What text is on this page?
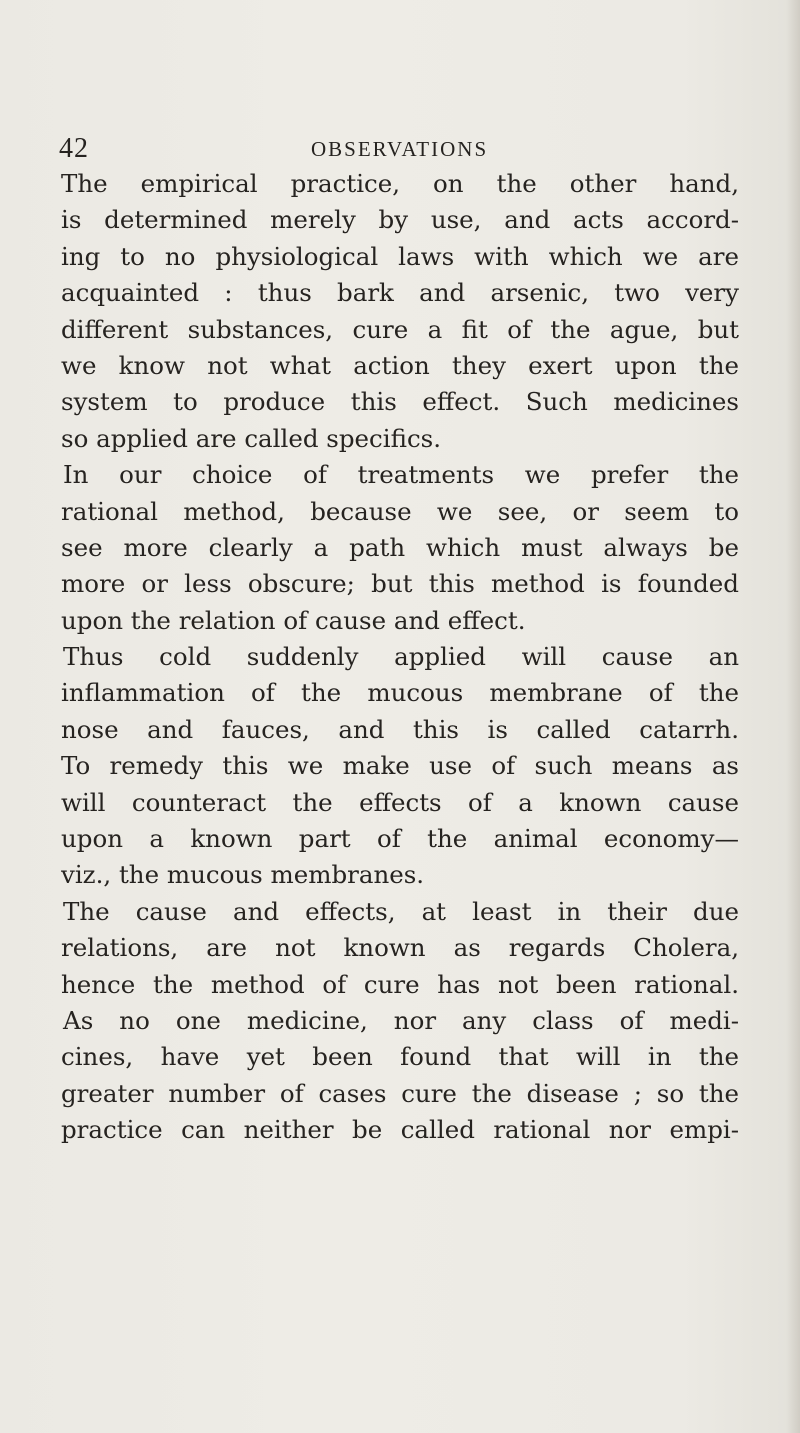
42	OBSERVATIONS
The empirical practice, on the other hand,
is determined merely by use, and acts accord-
ing to no physiological laws with which we are
acquainted : thus bark and arsenic, two very
different substances, cure a fit of the ague, but
we know not what action they exert upon the
system to produce this effect. Such medicines
so applied are called specifics.
In our choice of treatments we prefer the
rational method, because we see, or seem to
see more clearly a path which must always be
more or less obscure; but this method is founded
upon the relation of cause and effect.
Thus cold suddenly applied will cause an
inflammation of the mucous membrane of the
nose and fauces, and this is called catarrh.
To remedy this we make use of such means as
will counteract the effects of a known cause
upon a known part of the animal economy—
viz., the mucous membranes.
The cause and effects, at least in their due
relations, are not known as regards Cholera,
hence the method of cure has not been rational.
As no one medicine, nor any class of medi-
cines, have yet been found that will in the
greater number of cases cure the disease ; so the
practice can neither be called rational nor empi-
